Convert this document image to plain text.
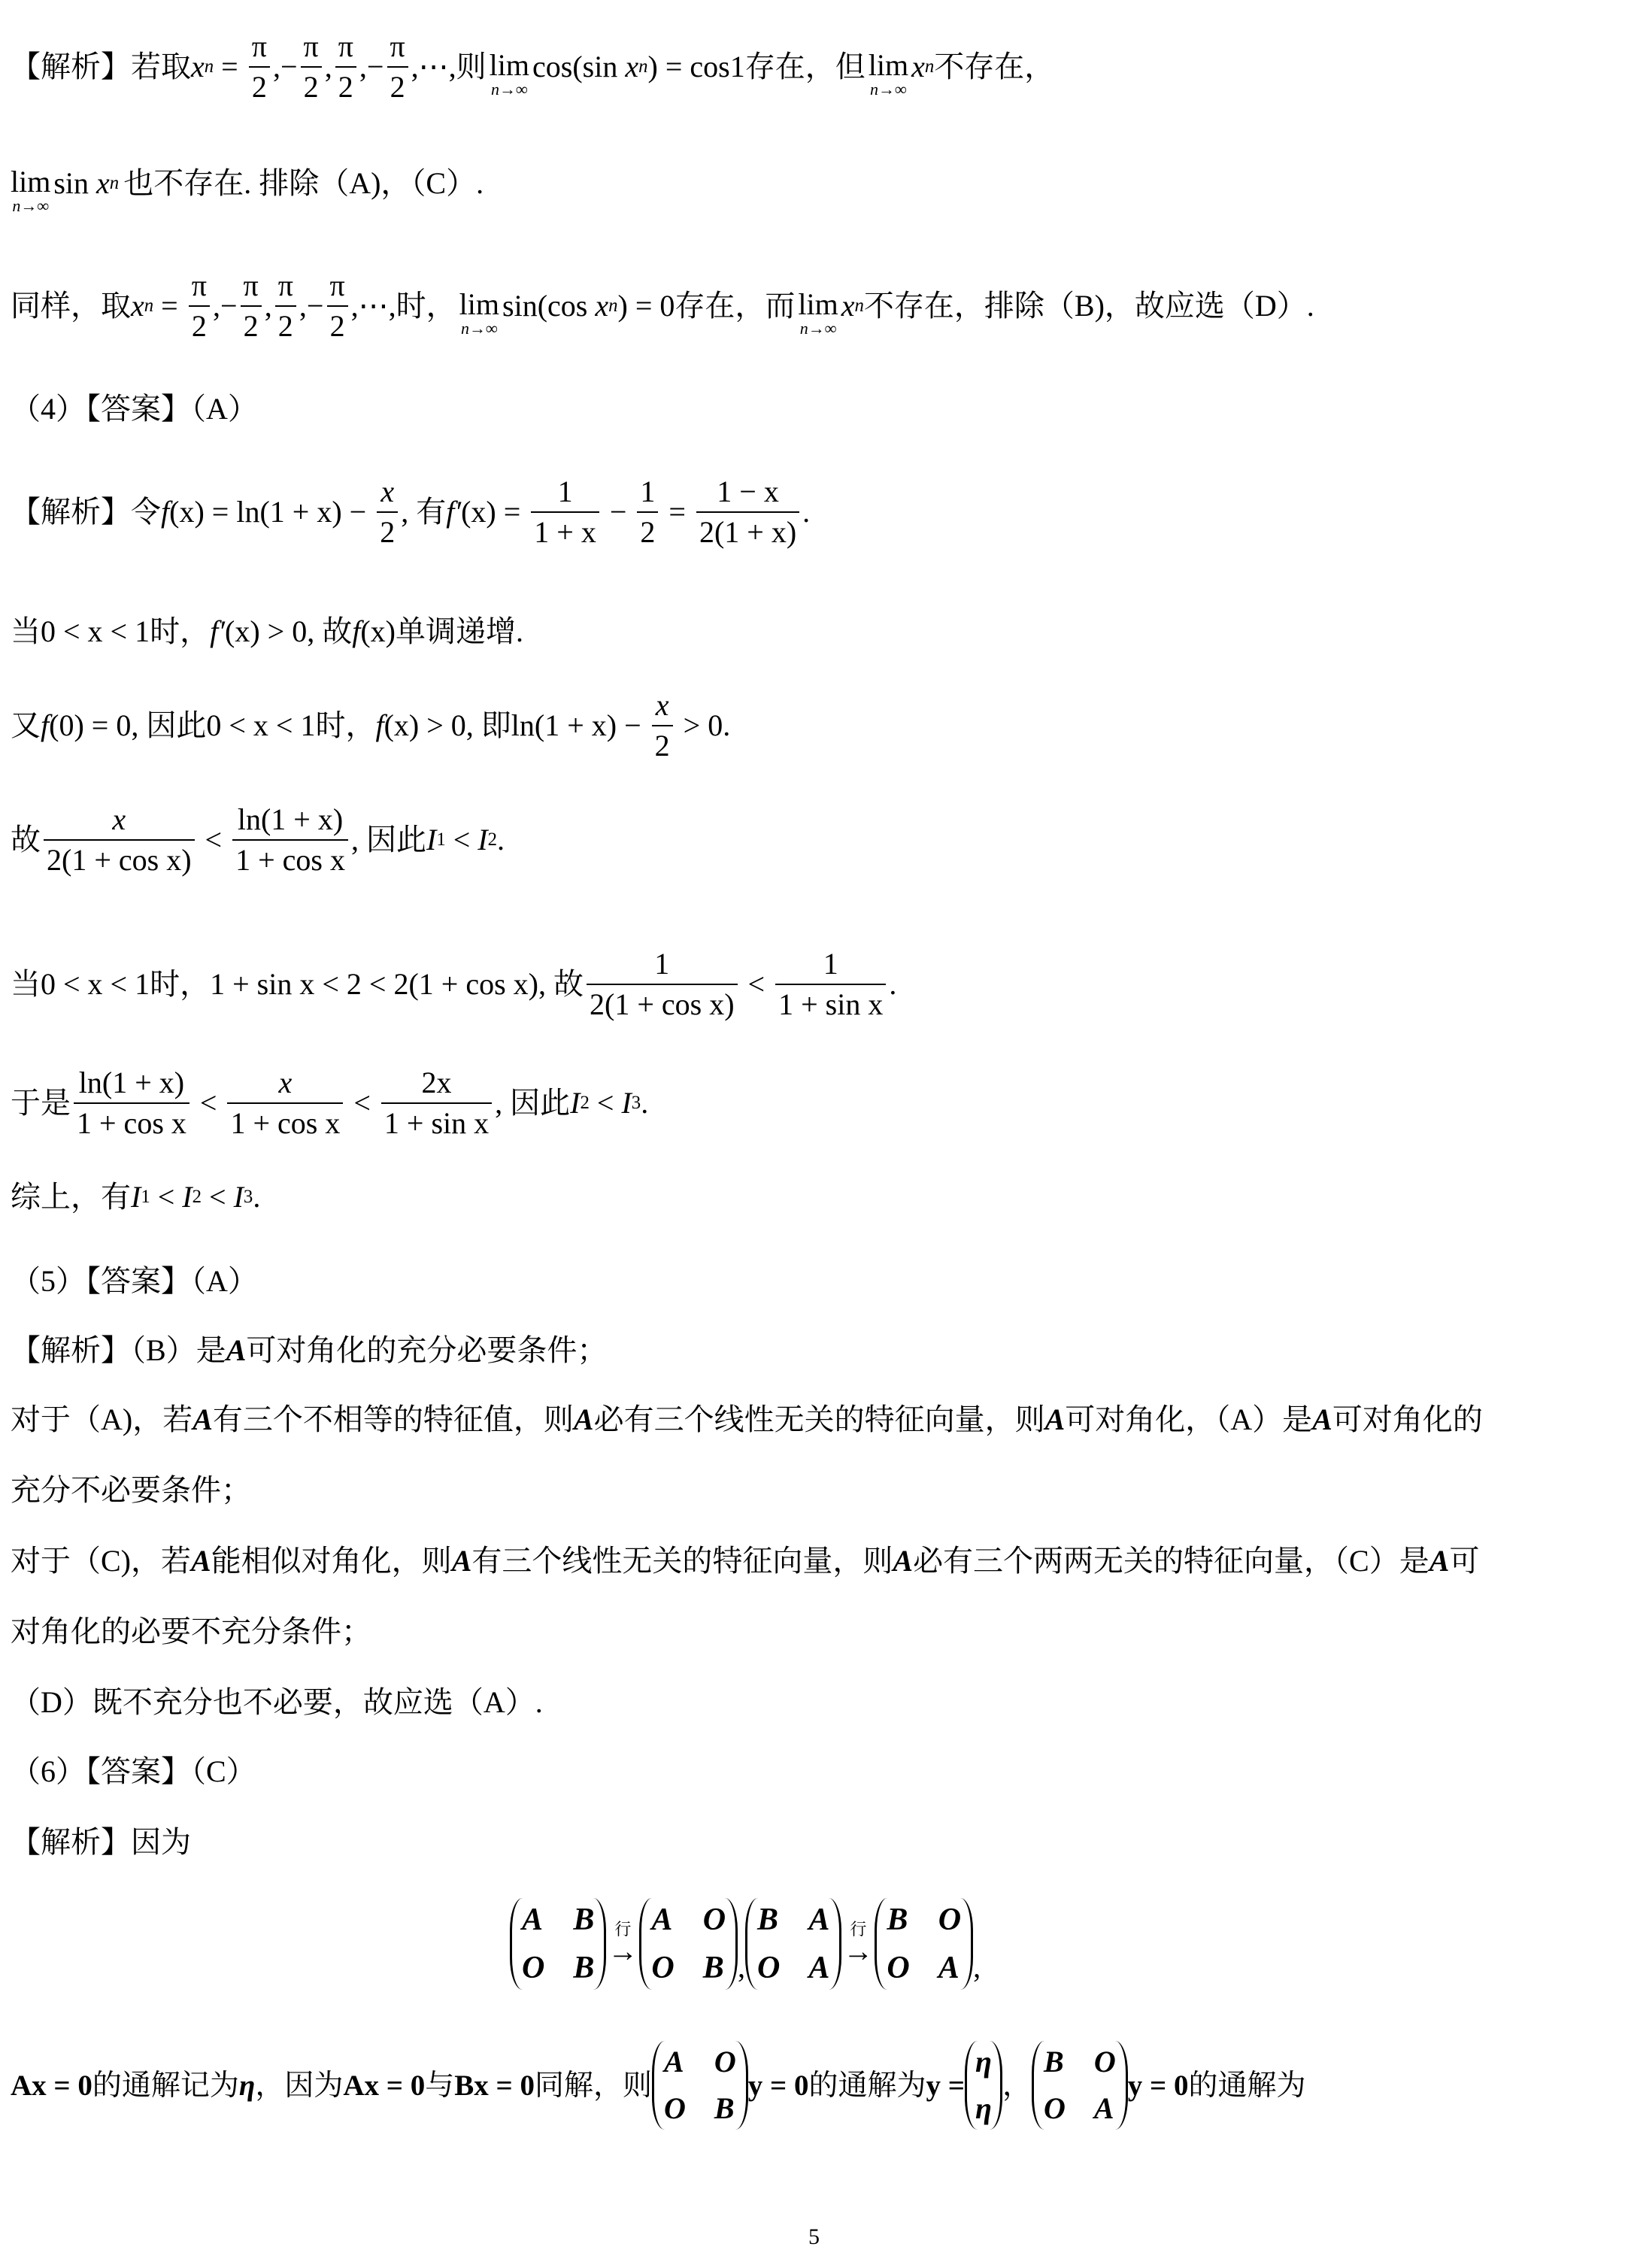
【解析】若取 x $n = \frac{\pi}{2}$ , − $\frac{\pi}{2}$ , $\frac{\pi}{2}$ , − $\frac{\pi}{2}$ ,⋯, 则 lim
n→∞
cos(sin x n ) = cos1 存在，但 lim
n→∞
x n 不存在，
lim
n→∞
sin x n 也不存在. 排除（A)，（C）.
同样，取 x $n = \frac{\pi}{2}$ , − $\frac{\pi}{2}$ , $\frac{\pi}{2}$ , − $\frac{\pi}{2}$ ,⋯, 时， lim
n→∞
sin(cos x n ) = 0 存在，而 lim
n→∞
x n 不存在，排除（B)，故应选（D）.
（4）【答案】（A）
【解析】令 f $(x) = \ln(1 + x) - \frac{x}{2}$ , 有 f′ $(x) = \frac{1}{1 + x} - \frac{1}{2} = \frac{1 - x}{2(1 + x)}$ .
当 0 < x < 1 时， f′ (x) > 0, 故 f (x) 单调递增.
又 f (0) = 0, 因此 0 < x < 1 时， f (x) > 0, 即 $\ln(1 + x) - \frac{x}{2} > 0$.
故 $\frac{x}{\text{2(1 + cos x)}} < \frac{\ln(1 + x)}{\text{1 + cos x}}$ , 因此 I 1 < I 2 .
当 0 < x < 1 时， 1 + sin x < 2 < 2(1 + cos x), 故 $\frac{1}{\text{2(1 + cos x)}} < \frac{1}{\text{1 + sin x}}$ .
于是 $\frac{\ln(1 + x)}{\text{1 + cos x}} < \frac{x}{\text{1 + cos x}} < \frac{2x}{\text{1 + sin x}}$ , 因此 I 2 < I 3 .
综上，有 I 1 < I 2 < I 3 .
（5）【答案】（A）
【解析】（B）是 A 可对角化的充分必要条件；
对于（A)，若 A 有三个不相等的特征值，则 A 必有三个线性无关的特征向量，则 A 可对角化，（A）是 A 可对角化的
充分不必要条件；
对于（C)，若 A 能相似对角化，则 A 有三个线性无关的特征向量，则 A 必有三个两两无关的特征向量，（C）是 A 可
对角化的必要不充分条件；
（D）既不充分也不必要，故应选（A）.
（6）【答案】（C）
【解析】因为
A B
O B
行
→
A O
O B ,
B A
O A
行
→
B O
O A ,
Ax = 0 的通解记为 η ，因为 Ax = 0 与 Bx = 0 同解，则
A O
O B
y = 0 的通解为 y =
η
η
，
B O
O A
y = 0 的通解为
5
